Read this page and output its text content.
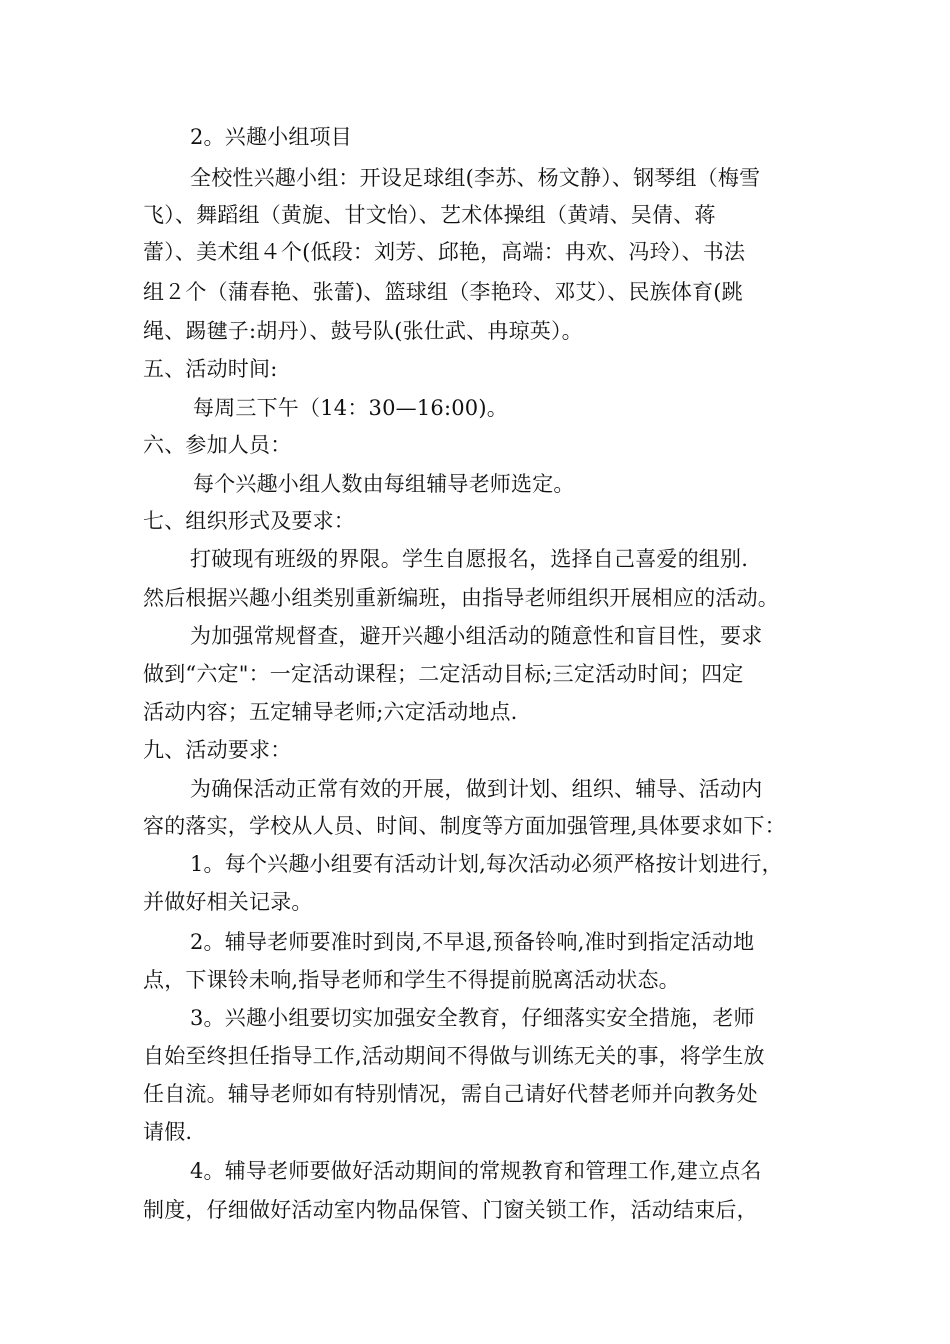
2。兴趣小组项目
全校性兴趣小组：开设足球组(李苏、杨文静）、钢琴组（梅雪
飞）、舞蹈组（黄旎、甘文怡）、艺术体操组（黄靖、吴倩、蒋
蕾）、美术组４个(低段：刘芳、邱艳，高端：冉欢、冯玲）、书法
组２个（蒲春艳、张蕾)、篮球组（李艳玲、邓艾）、民族体育(跳
绳、踢毽子:胡丹）、鼓号队(张仕武、冉琼英）。
五、活动时间:
每周三下午（14：30—16:00)。
六、参加人员：
每个兴趣小组人数由每组辅导老师选定。
七、组织形式及要求：
打破现有班级的界限。学生自愿报名，选择自己喜爱的组别.
然后根据兴趣小组类别重新编班，由指导老师组织开展相应的活动。
为加强常规督查，避开兴趣小组活动的随意性和盲目性，要求
做到“六定"：一定活动课程；二定活动目标;三定活动时间；四定
活动内容；五定辅导老师;六定活动地点.
九、活动要求：
为确保活动正常有效的开展，做到计划、组织、辅导、活动内
容的落实，学校从人员、时间、制度等方面加强管理,具体要求如下：
1。每个兴趣小组要有活动计划,每次活动必须严格按计划进行，
并做好相关记录。
2。辅导老师要准时到岗,不早退,预备铃响,准时到指定活动地
点，下课铃未响,指导老师和学生不得提前脱离活动状态。
3。兴趣小组要切实加强安全教育，仔细落实安全措施，老师
自始至终担任指导工作,活动期间不得做与训练无关的事，将学生放
任自流。辅导老师如有特别情况，需自己请好代替老师并向教务处
请假.
4。辅导老师要做好活动期间的常规教育和管理工作,建立点名
制度，仔细做好活动室内物品保管、门窗关锁工作，活动结束后，
